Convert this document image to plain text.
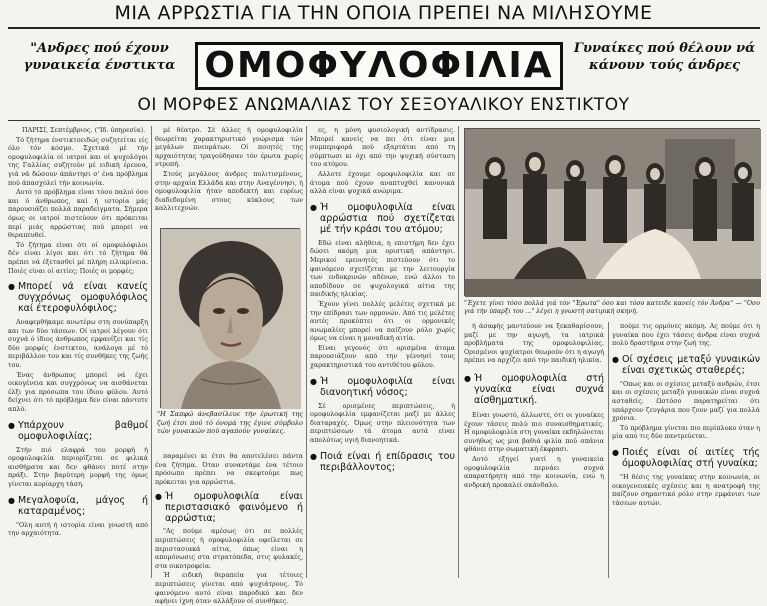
ΜΙΑ ΑΡΡΩΣΤΙΑ ΓΙΑ ΤΗΝ ΟΠΟΙΑ ΠΡΕΠΕΙ ΝΑ ΜΙΛΗΣΟΥΜΕ
"Ανδρες πού έχουν γυναικεία ένστικτα
Γυναίκες πού θέλουν νά κάνουν τούς άνδρες
ΟΜΟΦΥΛΟΦΙΛΙΑ
ΟΙ ΜΟΡΦΕΣ ΑΝΩΜΑΛΙΑΣ ΤΟΥ ΣΕΞΟΥΑΛΙΚΟΥ ΕΝΣΤΙΚΤΟΥ

ΠΑΡΙΣΙ, Σεπτέμβριος. ("Ιδ. ύπηρεσία).

Τό ζήτημα ένστικτοειδώς συζητείται είς όλο τόν κόσμο. Σχετικά μέ τήν ομοφυλοφιλία οί ιατροί και οί ψυχολόγοι της Γαλλίας συζητούν μέ ειδική έρευνα, γιά νά δώσουν άπάντησι σ' ένα πρόβλημα πού άπασχολεί τήν κοινωνία.

Αυτό τό πρόβλημα είναι τόσο παλιό όσο και ό άνθρωπος, καί ή ιστορία μάς παρουσιάζει πολλά παραδείγματα. Σήμερα όμως οι ιατροί πιστεύουν ότι πρόκειται περί μιάς αρρώστιας πού μπορεί να θεραπευθεί.

Τό ζήτημα είναι ότι οί ομοφυλόφιλοι δέν είναι λίγοι και ότι τό ζήτημα θά πρέπει νά έξετασθεί μέ πλήρη ειλικρίνεια. Ποιές είναι οί αιτίες; Ποιές οι μορφές;

● Μπορεί νά είναι κανείς συγχρόνως ομοφυλόφιλος καί έτεροφυλόφιλος;

Αναφερθήκαμε ανωτέρω στη συνύπαρξη και των δύο τάσεων. Οί ιατροί λέγουν ότι συχνά ό ίδιος άνθρωπος εμφανίζει και τίς δύο μορφές ένστικτου, ανάλογα μέ τό περιβάλλον του και τίς συνθήκες της ζωής του.

Ένας άνθρωπος μπορεί νά έχει οικογένεια και συγχρόνως να αισθάνεται έλξι για πρόσωπα του ίδιου φύλου. Αυτό δείχνει ότι τό πρόβλημα δεν είναι πάντοτε απλό.

● Υπάρχουν βαθμοί ομοφυλοφιλίας;

Στήν πιό ελαφρά του μορφή ή ομοφυλοφιλία περιορίζεται σε φιλικά αισθήματα και δεν φθάνει ποτέ στην πράξι. Στην βαρύτερη μορφή της όμως γίνεται κυρίαρχη τάση.

● Μεγαλοφυία, μάγος ή καταραμένος;

"Ολη αυτή ή ιστορία είναι γνωστή από την αρχαιότητα.

μέ θέατρο. Σέ άλλες ή ομοφυλοφιλία θεωρείται χαρακτηριστικό γνώρισμα τών μεγάλων πνευμάτων. Οί ποιητές της αρχαιότητας τραγούδησαν τόν έρωτα χωρίς ντροπή.

Στούς μεγάλους άνδρες πολιτισμένους, στην αρχαία Ελλάδα και στην Αναγέννησι, ή ομοφυλοφιλία ήταν αποδεκτή και ευρέως διαδεδομένη στους κύκλους των καλλιτεχνών.

"Η Σαπφώ άνεβασίλευε τήν έρωτική της ζωή έτσι πού τό όνομά της έγινε σύμβολο τών γυναικών πού αγαπούν γυναίκες.

παραμένει κι έτσι θα αποτελέσει πάντα ένα ζήτημα. Όταν συναντάμε ένα τέτοιο πρόσωπο πρέπει να σκεφτούμε πως πρόκειται για αρρώστια.

● Ή ομοφυλοφιλία είναι περιστασιακό φαινόμενο ή αρρώστια;

"Ας πούμε αμέσως ότι σε πολλές περιπτώσεις ή ομοφυλοφιλία οφείλεται σε περιστασιακά αίτια, όπως είναι η απομόνωσις στα στρατόπεδα, στις φυλακές, στα οικοτροφεία.

Ή ειδική θεραπεία για τέτοιες περιπτώσεις γίνεται από ψυχιάτρους. Τό φαινόμενο αυτό είναι παροδικό και δεν αφήνει ίχνη όταν αλλάξουν οί συνθήκες.

ες, η μόνη φυσιολογική αντίδρασις. Μπορεί κανείς να πει ότι είναι μια συμπεριφορά πού εξαρτάται από τη σύμπτωσι κι όχι από την ψυχική σύσταση του ατόμου.

Αλλοτε έχουμε ομοφυλοφιλία και σε άτομα πού έχουν αναπτυχθεί κανονικά αλλά είναι ψυχικά ανώριμα.

● Ή ομοφυλοφιλία είναι αρρώστια πού σχετίζεται μέ τήν κράσι του ατόμου;

Εδώ είναι αλήθεια, η επιστήμη δεν έχει δώσει ακόμη μια οριστική απάντησι. Μερικοί ερευνητές πιστεύουν ότι το φαινόμενο σχετίζεται με την λειτουργία των ενδοκρινών αδένων, ενώ άλλοι το αποδίδουν σε ψυχολογικά αίτια της παιδικής ηλικίας.

Έχουν γίνει πολλές μελέτες σχετικά με την επίδρασι των ορμονών. Από τις μελέτες αυτές προκύπτει ότι οι ορμονικές ανωμαλίες μπορεί να παίζουν ρόλο χωρίς όμως να είναι η μοναδική αιτία.

Είναι γεγονός ότι ορισμένα άτομα παρουσιάζουν από την γέννησί τους χαρακτηριστικά του αντιθέτου φύλου.

● Ή ομοφυλοφιλία είναι διανοητική νόσος;

Σέ ορισμένες περιπτώσεις, ή ομοφυλοφιλία εμφανίζεται μαζί με άλλες διαταραχές. Όμως στην πλειονότητα των περιπτώσεων τά άτομα αυτά είναι απολύτως υγιή διανοητικά.

● Ποιά είναι ή επίδρασις του περιβάλλοντος;
"Έχετε γίνει τόσο πολλά γιά τόν "Έρωτα" όσο και τόσο κατειδε κανείς τόν Άνδρα" — "Όσο γιά τήν ύπαρξι του ..." λέγει η γνωστή σατιρική σκηνή.

ή άσαφής μαντεύουν να ξεκαθαρίσουν, μαζί με την αγωγή, τα ιατρικά προβλήματα της ομοφυλοφιλίας. Ορισμένοι ψυχίατροι θεωρούν ότι η αγωγή πρέπει να αρχίζει από την παιδική ηλικία.

● Ή ομοφυλοφιλία στή γυναίκα είναι συχνά αίσθηματική.

Είναι γνωστό, άλλωστε, ότι οι γυναίκες έχουν τάσεις πολύ πιο συναισθηματικές. Η ομοφυλοφιλία στη γυναίκα εκδηλώνεται συνήθως ως μια βαθιά φιλία πού σπάνια φθάνει στην σωματική έκφρασι.

Αυτό εξηγεί γιατί η γυναικεία ομοφυλοφιλία περνάει συχνά απαρατήρητη από την κοινωνία, ενώ η ανδρική προκαλεί σκάνδαλο.

πούμε τις ορμόνες ακόμη. Ας πούμε ότι η γυναίκα που έχει τάσεις άνδρα είναι συχνά πολύ δραστήρια στην ζωή της.

● Οί σχέσεις μεταξύ γυναικών είναι σχετικώς σταθερές;

"Οπως και οι σχέσεις μεταξύ ανδρών, έτσι και οι σχέσεις μεταξύ γυναικών είναι συχνά ασταθείς. Ωστόσο παρατηρείται ότι υπάρχουν ζευγάρια που ζουν μαζί για πολλά χρόνια.

Τό πρόβλημα γίνεται πιο περίπλοκο όταν η μία από τις δύο παντρεύεται.

● Ποιές είναι οί αιτίες τής όμοφυλοφιλίας στή γυναίκα;

"Η θέσις της γυναίκας στην κοινωνία, οι οικογενειακές σχέσεις και η ανατροφή της παίζουν σημαντικό ρόλο στην εμφάνισι των τάσεων αυτών.
